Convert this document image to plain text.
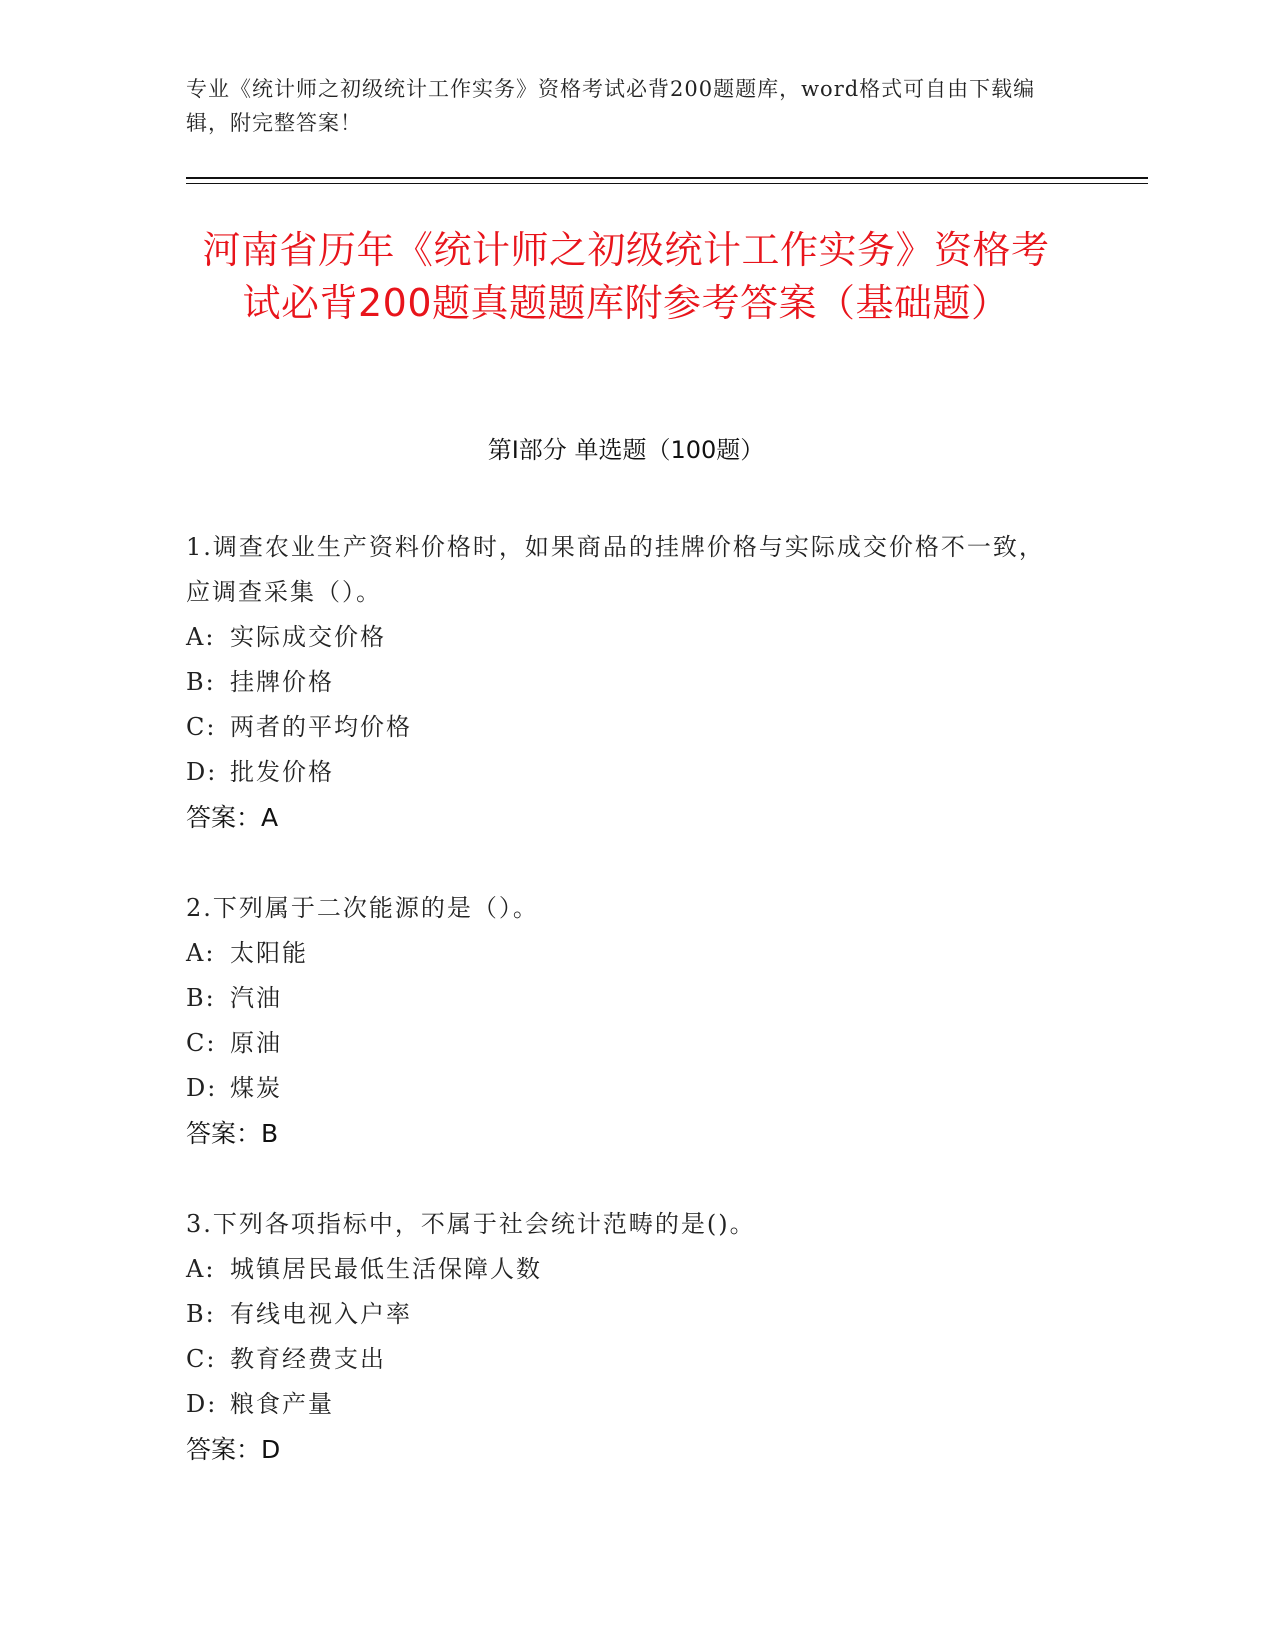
专业《统计师之初级统计工作实务》资格考试必背200题题库，word格式可自由下载编辑，附完整答案！
河南省历年《统计师之初级统计工作实务》资格考试必背200题真题题库附参考答案（基础题）
第I部分 单选题（100题）
1.调查农业生产资料价格时，如果商品的挂牌价格与实际成交价格不一致，应调查采集（）。
A: 实际成交价格
B: 挂牌价格
C: 两者的平均价格
D: 批发价格
答案：A
2.下列属于二次能源的是（）。
A: 太阳能
B: 汽油
C: 原油
D: 煤炭
答案：B
3.下列各项指标中，不属于社会统计范畴的是()。
A: 城镇居民最低生活保障人数
B: 有线电视入户率
C: 教育经费支出
D: 粮食产量
答案：D
